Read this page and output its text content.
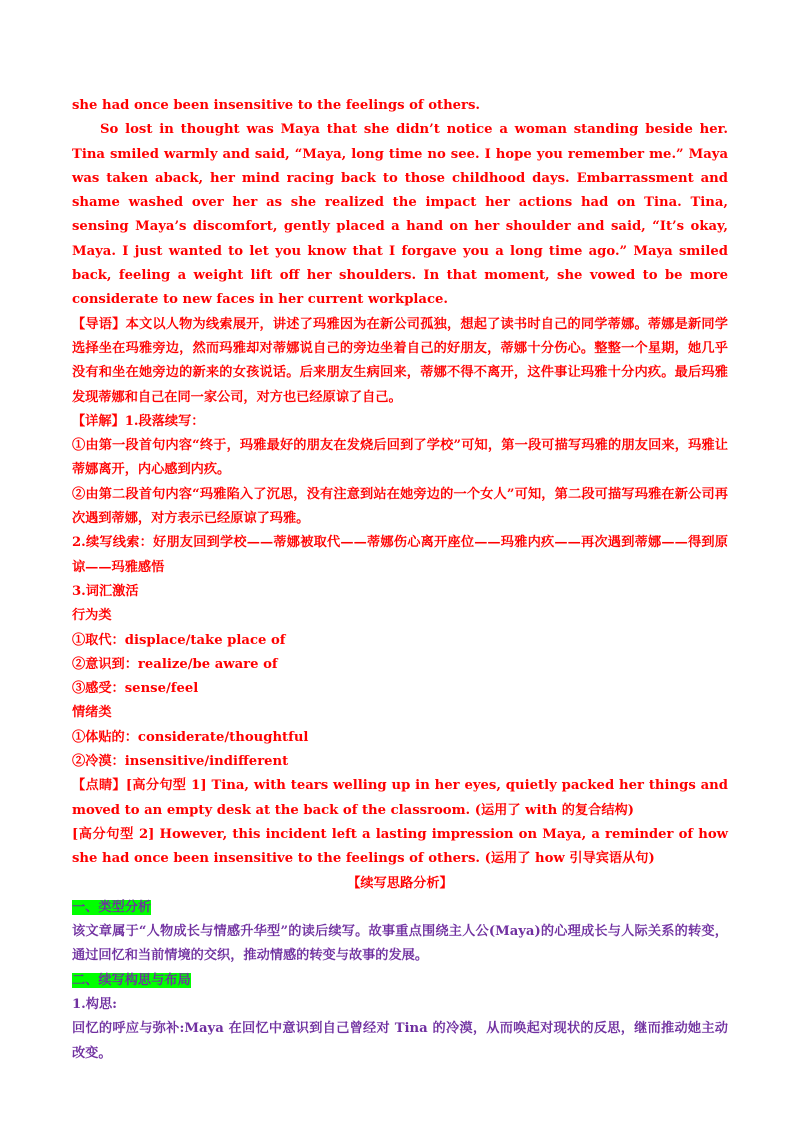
she had once been insensitive to the feelings of others.

So lost in thought was Maya that she didn’t notice a woman standing beside her. Tina smiled warmly and said, “Maya, long time no see. I hope you remember me.” Maya was taken aback, her mind racing back to those childhood days. Embarrassment and shame washed over her as she realized the impact her actions had on Tina. Tina, sensing Maya’s discomfort, gently placed a hand on her shoulder and said, “It’s okay, Maya. I just wanted to let you know that I forgave you a long time ago.” Maya smiled back, feeling a weight lift off her shoulders. In that moment, she vowed to be more considerate to new faces in her current workplace.

【导语】本文以人物为线索展开，讲述了玛雅因为在新公司孤独，想起了读书时自己的同学蒂娜。蒂娜是新同学选择坐在玛雅旁边，然而玛雅却对蒂娜说自己的旁边坐着自己的好朋友，蒂娜十分伤心。整整一个星期，她几乎没有和坐在她旁边的新来的女孩说话。后来朋友生病回来，蒂娜不得不离开，这件事让玛雅十分内疚。最后玛雅发现蒂娜和自己在同一家公司，对方也已经原谅了自己。

【详解】1.段落续写：

①由第一段首句内容“终于，玛雅最好的朋友在发烧后回到了学校”可知，第一段可描写玛雅的朋友回来，玛雅让蒂娜离开，内心感到内疚。

②由第二段首句内容“玛雅陷入了沉思，没有注意到站在她旁边的一个女人”可知，第二段可描写玛雅在新公司再次遇到蒂娜，对方表示已经原谅了玛雅。

2.续写线索：好朋友回到学校——蒂娜被取代——蒂娜伤心离开座位——玛雅内疚——再次遇到蒂娜——得到原谅——玛雅感悟

3.词汇激活

行为类

①取代：displace/take place of

②意识到：realize/be aware of

③感受：sense/feel

情绪类

①体贴的：considerate/thoughtful

②冷漠：insensitive/indifferent

【点睛】[高分句型 1] Tina, with tears welling up in her eyes, quietly packed her things and moved to an empty desk at the back of the classroom. (运用了 with 的复合结构)

[高分句型 2] However, this incident left a lasting impression on Maya, a reminder of how she had once been insensitive to the feelings of others. (运用了 how 引导宾语从句)

【续写思路分析】

一、类型分析

该文章属于“人物成长与情感升华型”的读后续写。故事重点围绕主人公(Maya)的心理成长与人际关系的转变，通过回忆和当前情境的交织，推动情感的转变与故事的发展。

二、续写构思与布局

1.构思:

回忆的呼应与弥补:Maya 在回忆中意识到自己曾经对 Tina 的冷漠，从而唤起对现状的反思，继而推动她主动改变。
